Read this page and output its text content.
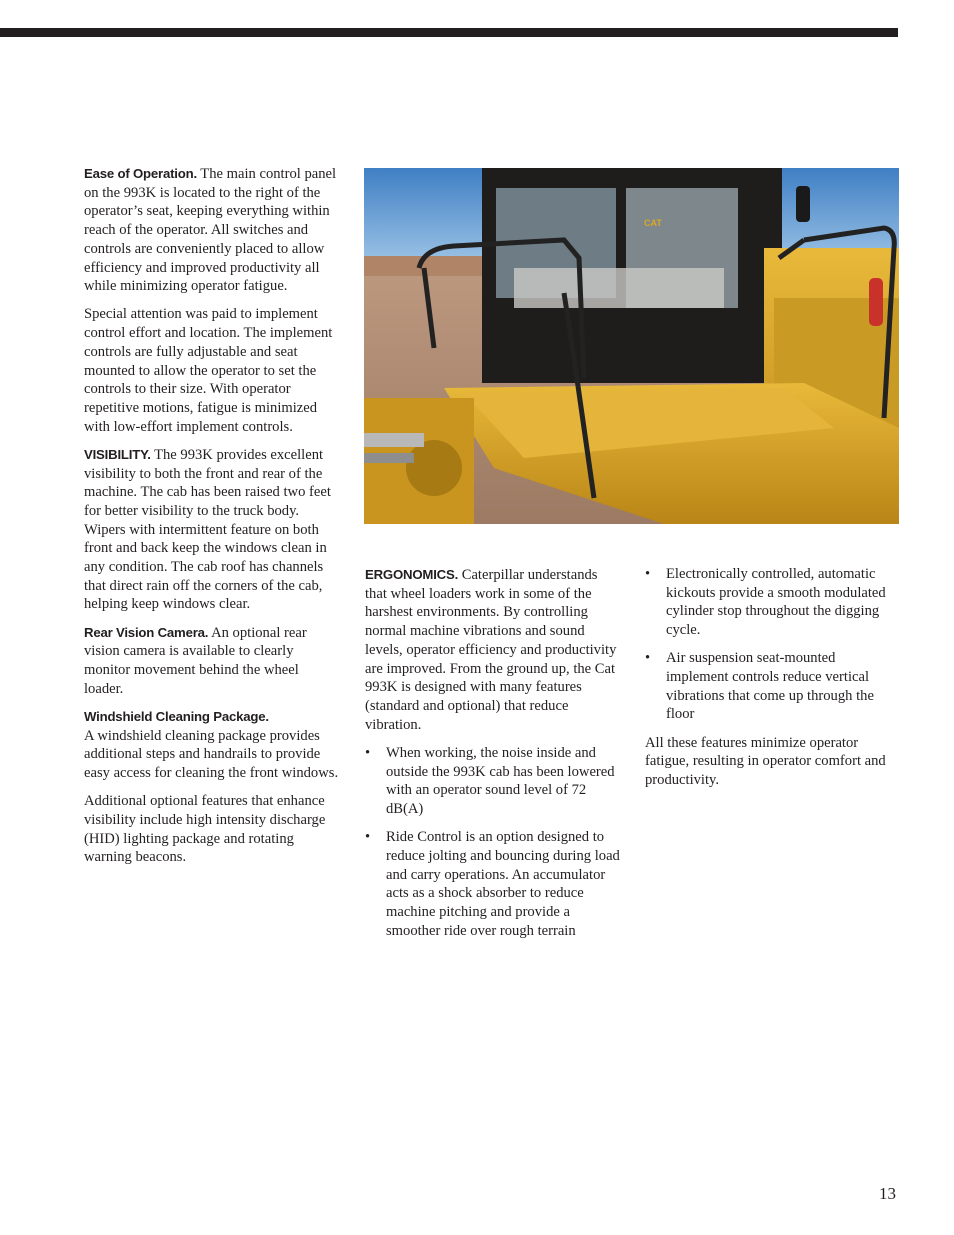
Ease of Operation. The main control panel on the 993K is located to the right of the operator’s seat, keeping everything within reach of the operator. All switches and controls are conveniently placed to allow efficiency and improved productivity all while minimizing operator fatigue.

Special attention was paid to implement control effort and location. The implement controls are fully adjustable and seat mounted to allow the operator to set the controls to their size. With operator repetitive motions, fatigue is minimized with low-effort implement controls.

VISIBILITY. The 993K provides excellent visibility to both the front and rear of the machine. The cab has been raised two feet for better visibility to the truck body. Wipers with intermittent feature on both front and back keep the windows clean in any condition. The cab roof has channels that direct rain off the corners of the cab, helping keep windows clear.

Rear Vision Camera. An optional rear vision camera is available to clearly monitor movement behind the wheel loader.

Windshield Cleaning Package.
A windshield cleaning package provides additional steps and handrails to provide easy access for cleaning the front windows.

Additional optional features that enhance visibility include high intensity discharge (HID) lighting package and rotating warning beacons.

CAT

ERGONOMICS. Caterpillar understands that wheel loaders work in some of the harshest environments. By controlling normal machine vibrations and sound levels, operator efficiency and productivity are improved. From the ground up, the Cat 993K is designed with many features (standard and optional) that reduce vibration.

• When working, the noise inside and outside the 993K cab has been lowered with an operator sound level of 72 dB(A)
• Ride Control is an option designed to reduce jolting and bouncing during load and carry operations. An accumulator acts as a shock absorber to reduce machine pitching and provide a smoother ride over rough terrain
• Electronically controlled, automatic kickouts provide a smooth modulated cylinder stop throughout the digging cycle.
• Air suspension seat-mounted implement controls reduce vertical vibrations that come up through the floor

All these features minimize operator fatigue, resulting in operator comfort and productivity.

13
